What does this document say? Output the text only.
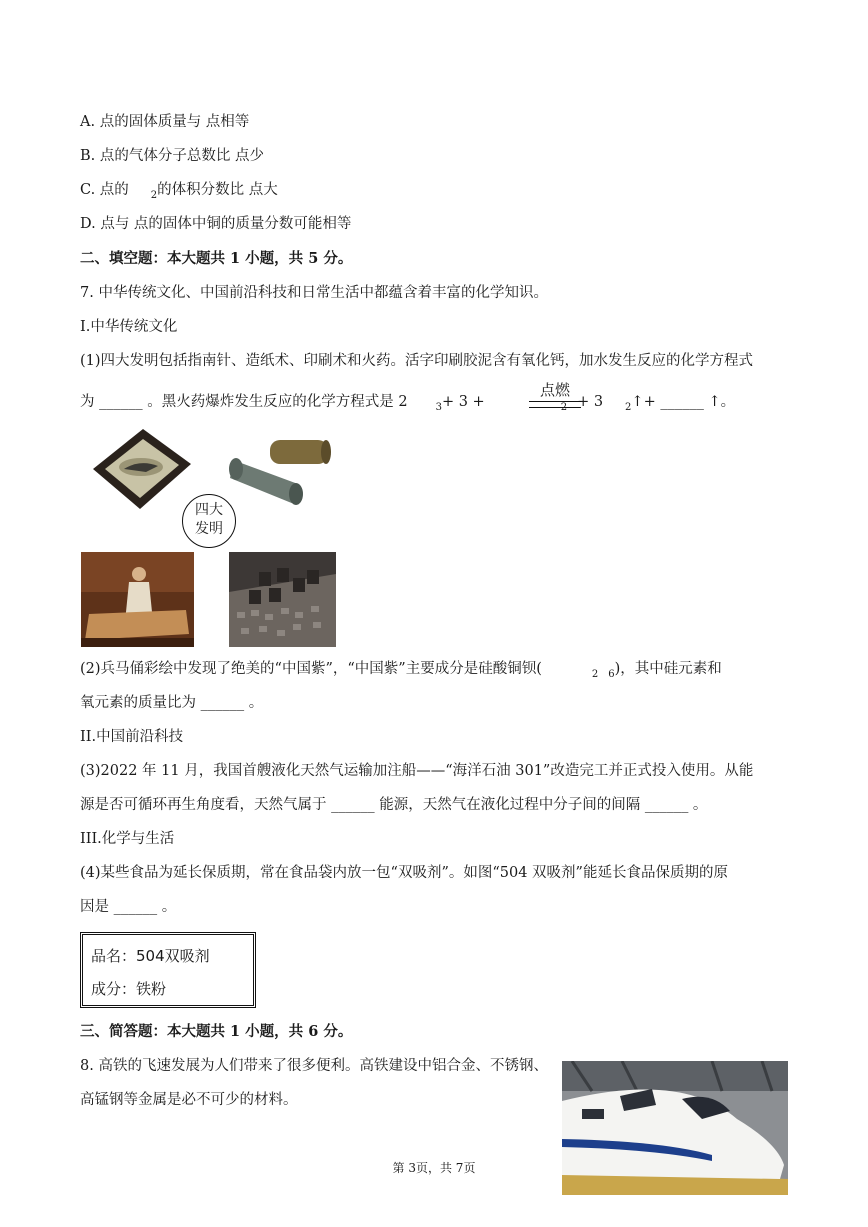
A. 点的固体质量与 点相等
B. 点的气体分子总数比 点少
C. 点的 $_2$的体积分数比 点大
D. 点与 点的固体中铜的质量分数可能相等
二、填空题：本大题共 1 小题，共 5 分。
7. 中华传统文化、中国前沿科技和日常生活中都蕴含着丰富的化学知识。
I.中华传统文化
(1)四大发明包括指南针、造纸术、印刷术和火药。活字印刷胶泥含有氧化钙，加水发生反应的化学方程式
为 ______ 。黑火药爆炸发生反应的化学方程式是 2	$_3$+ 3 +	$_2$ + 3 $_2$↑+ ______ ↑。
点燃
四大
发明
(2)兵马俑彩绘中发现了绝美的“中国紫”，“中国紫”主要成分是硅酸铜钡(	$_2$ $_6$)，其中硅元素和
氧元素的质量比为 ______ 。
II.中国前沿科技
(3)2022 年 11 月，我国首艘液化天然气运输加注船——“海洋石油 301”改造完工并正式投入使用。从能
源是否可循环再生角度看，天然气属于 ______ 能源，天然气在液化过程中分子间的间隔 ______ 。
III.化学与生活
(4)某些食品为延长保质期，常在食品袋内放一包“双吸剂”。如图“504 双吸剂”能延长食品保质期的原
因是 ______ 。
品名：504双吸剂
成分：铁粉
三、简答题：本大题共 1 小题，共 6 分。
8. 高铁的飞速发展为人们带来了很多便利。高铁建设中铝合金、不锈钢、
高锰钢等金属是必不可少的材料。
第 3页，共 7页
